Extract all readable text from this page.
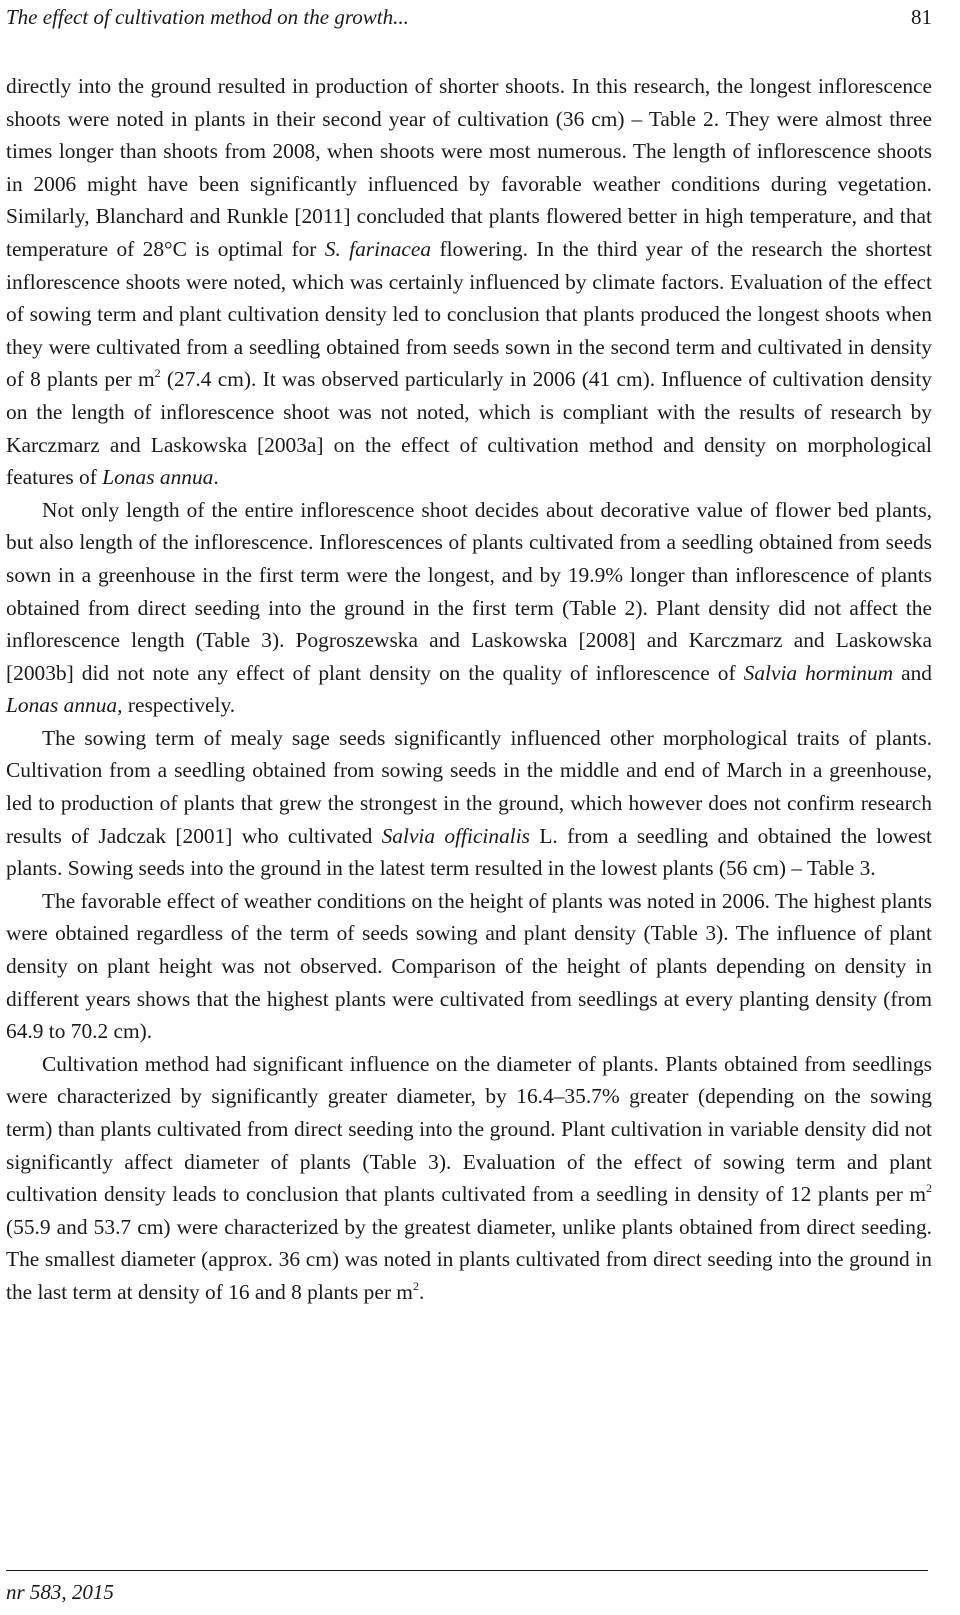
The effect of cultivation method on the growth...	81

directly into the ground resulted in production of shorter shoots. In this research, the longest inflorescence shoots were noted in plants in their second year of cultivation (36 cm) – Table 2. They were almost three times longer than shoots from 2008, when shoots were most numerous. The length of inflorescence shoots in 2006 might have been significantly influenced by favorable weather conditions during vegetation. Similarly, Blanchard and Runkle [2011] concluded that plants flowered better in high temperature, and that temperature of 28°C is optimal for S. farinacea flowering. In the third year of the research the shortest inflorescence shoots were noted, which was certainly influenced by climate factors. Evaluation of the effect of sowing term and plant cultivation density led to conclusion that plants produced the longest shoots when they were cultivated from a seedling obtained from seeds sown in the second term and cultivated in density of 8 plants per $m^2$ (27.4 cm). It was observed particularly in 2006 (41 cm). Influence of cultivation density on the length of inflorescence shoot was not noted, which is compliant with the results of research by Karczmarz and Laskowska [2003a] on the effect of cultivation method and density on morphological features of Lonas annua.

Not only length of the entire inflorescence shoot decides about decorative value of flower bed plants, but also length of the inflorescence. Inflorescences of plants cultivated from a seedling obtained from seeds sown in a greenhouse in the first term were the longest, and by 19.9% longer than inflorescence of plants obtained from direct seeding into the ground in the first term (Table 2). Plant density did not affect the inflorescence length (Table 3). Pogroszewska and Laskowska [2008] and Karczmarz and Laskowska [2003b] did not note any effect of plant density on the quality of inflorescence of Salvia horminum and Lonas annua, respectively.

The sowing term of mealy sage seeds significantly influenced other morphological traits of plants. Cultivation from a seedling obtained from sowing seeds in the middle and end of March in a greenhouse, led to production of plants that grew the strongest in the ground, which however does not confirm research results of Jadczak [2001] who cultivated Salvia officinalis L. from a seedling and obtained the lowest plants. Sowing seeds into the ground in the latest term resulted in the lowest plants (56 cm) – Table 3.

The favorable effect of weather conditions on the height of plants was noted in 2006. The highest plants were obtained regardless of the term of seeds sowing and plant density (Table 3). The influence of plant density on plant height was not observed. Comparison of the height of plants depending on density in different years shows that the highest plants were cultivated from seedlings at every planting density (from 64.9 to 70.2 cm).

Cultivation method had significant influence on the diameter of plants. Plants obtained from seedlings were characterized by significantly greater diameter, by 16.4–35.7% greater (depending on the sowing term) than plants cultivated from direct seeding into the ground. Plant cultivation in variable density did not significantly affect diameter of plants (Table 3). Evaluation of the effect of sowing term and plant cultivation density leads to conclusion that plants cultivated from a seedling in density of 12 plants per $m^2$ (55.9 and 53.7 cm) were characterized by the greatest diameter, unlike plants obtained from direct seeding. The smallest diameter (approx. 36 cm) was noted in plants cultivated from direct seeding into the ground in the last term at density of 16 and 8 plants per $m^2$.

nr 583, 2015
